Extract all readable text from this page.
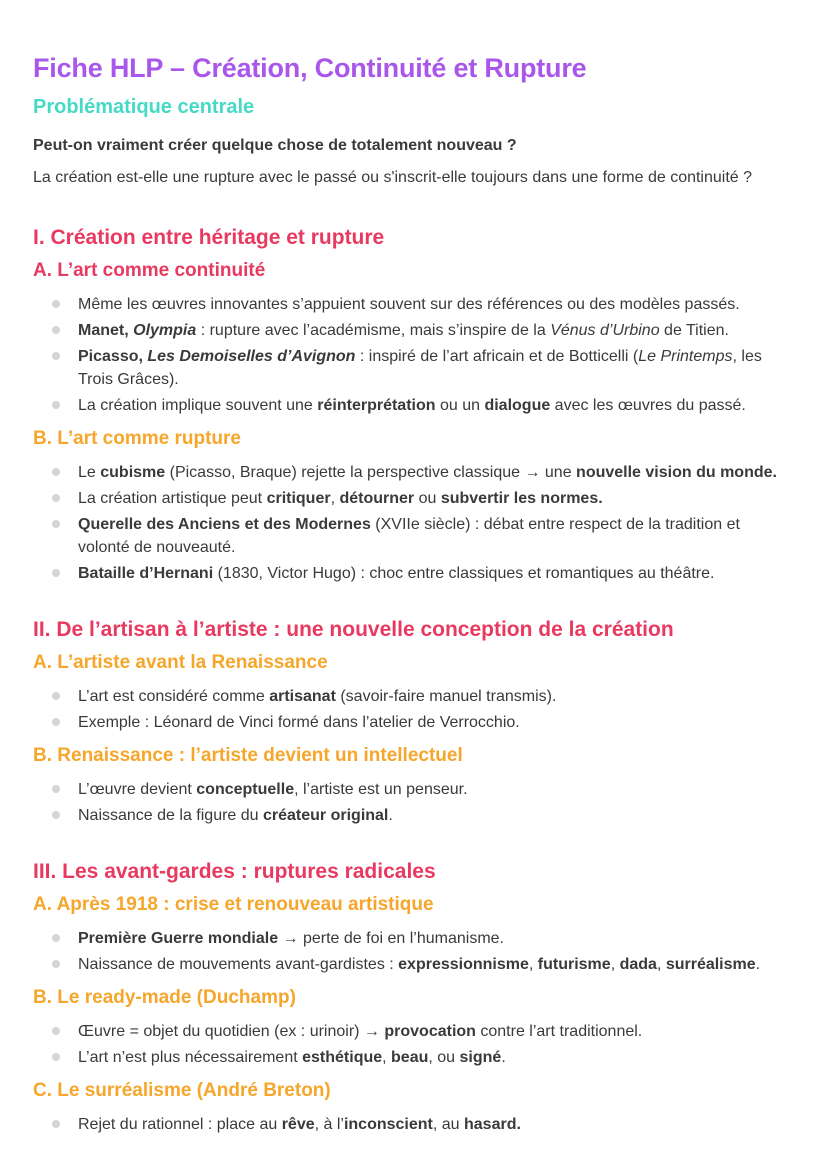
Fiche HLP – Création, Continuité et Rupture
Problématique centrale

Peut-on vraiment créer quelque chose de totalement nouveau ?

La création est-elle une rupture avec le passé ou s'inscrit-elle toujours dans une forme de continuité ?

I. Création entre héritage et rupture
A. L’art comme continuité
Même les œuvres innovantes s’appuient souvent sur des références ou des modèles passés.
Manet, Olympia : rupture avec l’académisme, mais s’inspire de la Vénus d’Urbino de Titien.
Picasso, Les Demoiselles d’Avignon : inspiré de l’art africain et de Botticelli (Le Printemps, les Trois Grâces).
La création implique souvent une réinterprétation ou un dialogue avec les œuvres du passé.
B. L’art comme rupture
Le cubisme (Picasso, Braque) rejette la perspective classique → une nouvelle vision du monde.
La création artistique peut critiquer, détourner ou subvertir les normes.
Querelle des Anciens et des Modernes (XVIIe siècle) : débat entre respect de la tradition et volonté de nouveauté.
Bataille d’Hernani (1830, Victor Hugo) : choc entre classiques et romantiques au théâtre.
II. De l’artisan à l’artiste : une nouvelle conception de la création
A. L’artiste avant la Renaissance
L’art est considéré comme artisanat (savoir-faire manuel transmis).
Exemple : Léonard de Vinci formé dans l’atelier de Verrocchio.
B. Renaissance : l’artiste devient un intellectuel
L’œuvre devient conceptuelle, l’artiste est un penseur.
Naissance de la figure du créateur original.
III. Les avant-gardes : ruptures radicales
A. Après 1918 : crise et renouveau artistique
Première Guerre mondiale → perte de foi en l’humanisme.
Naissance de mouvements avant-gardistes : expressionnisme, futurisme, dada, surréalisme.
B. Le ready-made (Duchamp)
Œuvre = objet du quotidien (ex : urinoir) → provocation contre l’art traditionnel.
L’art n’est plus nécessairement esthétique, beau, ou signé.
C. Le surréalisme (André Breton)
Rejet du rationnel : place au rêve, à l’inconscient, au hasard.
